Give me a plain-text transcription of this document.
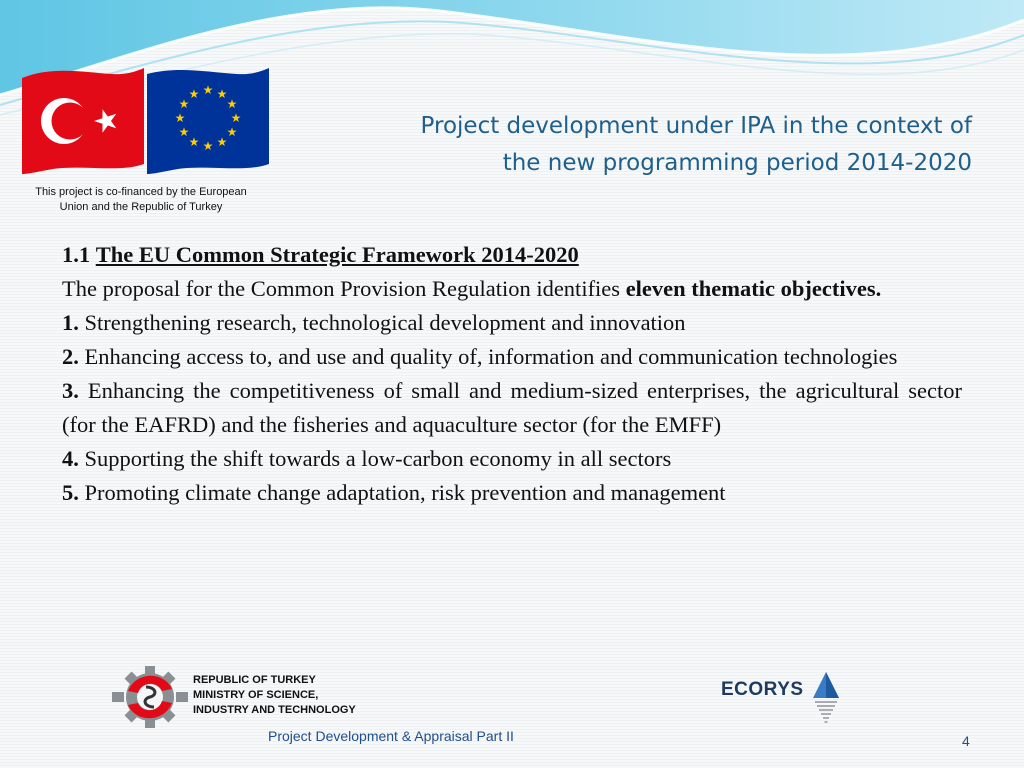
★ ★
★
★
★
★
★
★
★
★
★
★
This project is co-financed by the European
Union and the Republic of Turkey
Project development under IPA in the context of
the new programming period 2014-2020

1.1 The EU Common Strategic Framework 2014-2020

The proposal for the Common Provision Regulation identifies eleven thematic objectives.

1. Strengthening research, technological development and innovation

2. Enhancing access to, and use and quality of, information and communication technologies

3. Enhancing the competitiveness of small and medium-sized enterprises, the agricultural sector (for the EAFRD) and the fisheries and aquaculture sector (for the EMFF)

4. Supporting the shift towards a low-carbon economy in all sectors

5. Promoting climate change adaptation, risk prevention and management

REPUBLIC OF TURKEY
MINISTRY OF SCIENCE,
INDUSTRY AND TECHNOLOGY
ECORYS
Project Development & Appraisal Part II	4
